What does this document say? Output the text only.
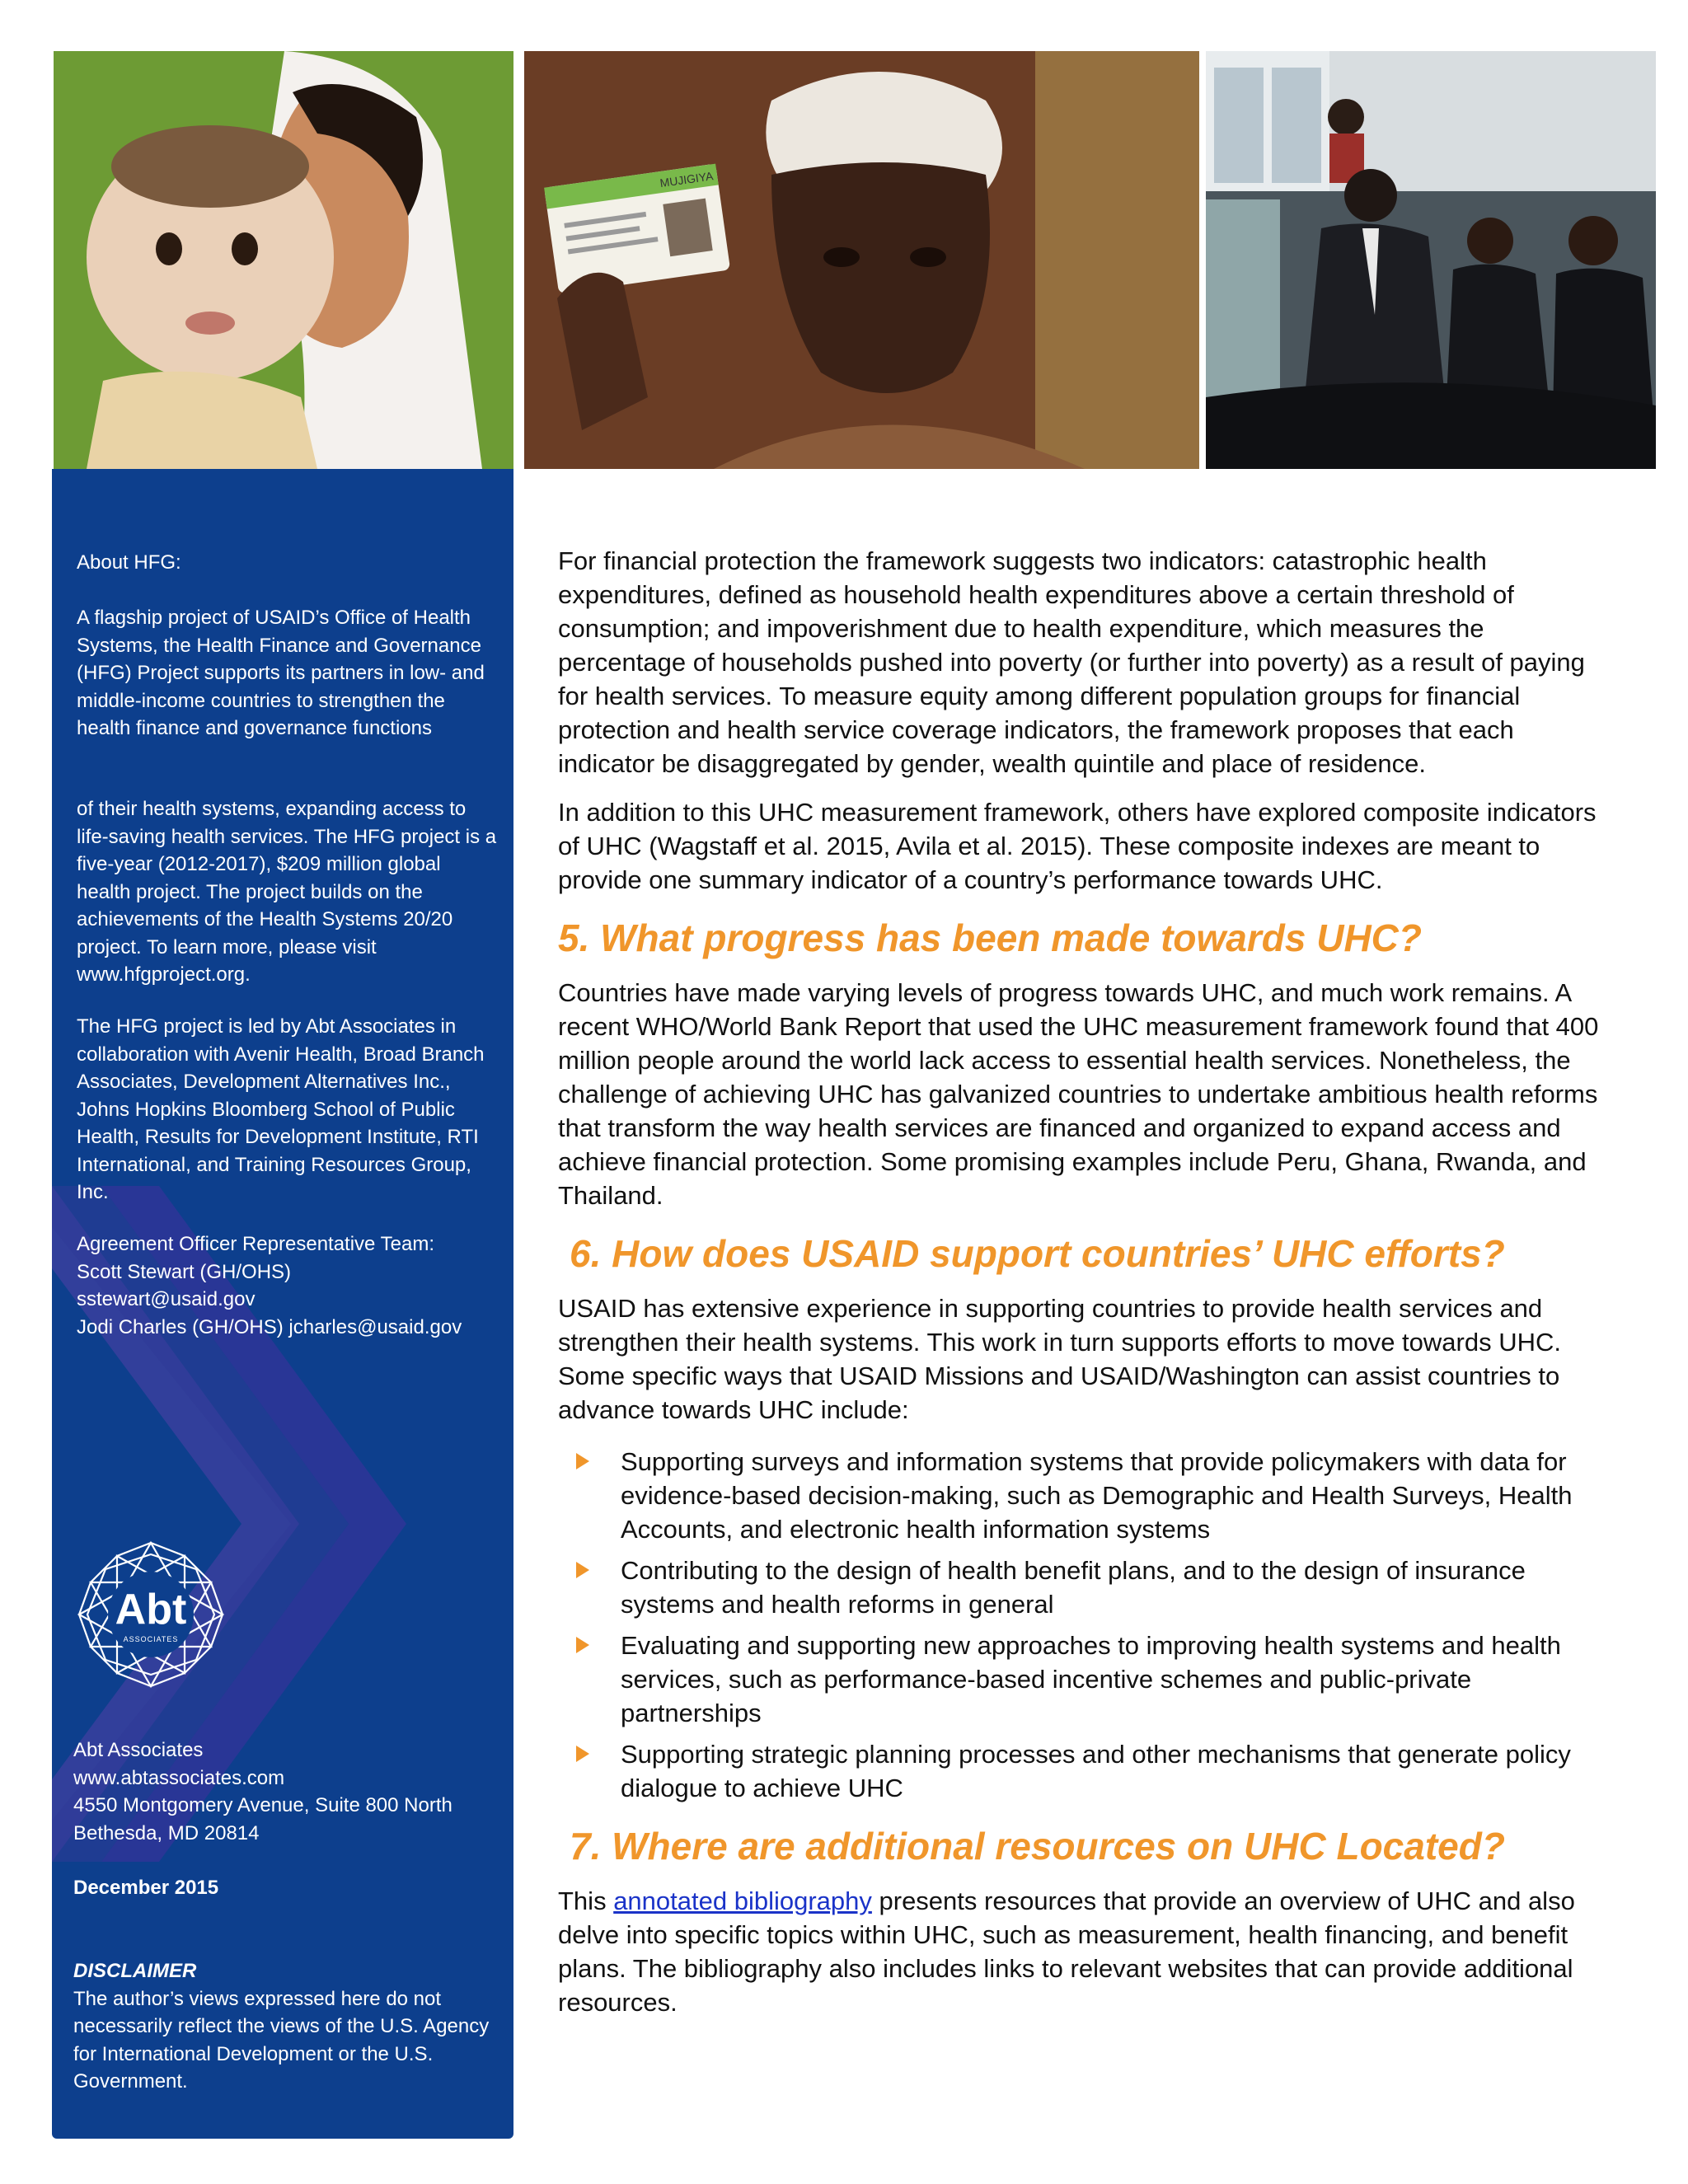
MUJIGIYA

About HFG:

A flagship project of USAID’s Office of Health Systems, the Health Finance and Governance (HFG) Project supports its partners in low- and middle-income countries to strengthen the health finance and governance functions

of their health systems, expanding access to life-saving health services. The HFG project is a five-year (2012-2017), $209 million global health project. The project builds on the achievements of the Health Systems 20/20 project. To learn more, please visit www.hfgproject.org.

The HFG project is led by Abt Associates in collaboration with Avenir Health, Broad Branch Associates, Development Alternatives Inc., Johns Hopkins Bloomberg School of Public Health, Results for Development Institute, RTI International, and Training Resources Group, Inc.

Agreement Officer Representative Team:

Scott Stewart (GH/OHS)

sstewart@usaid.gov

Jodi Charles (GH/OHS) jcharles@usaid.gov

Abt
ASSOCIATES

Abt Associates

www.abtassociates.com

4550 Montgomery Avenue, Suite 800 North

Bethesda, MD 20814

December 2015

DISCLAIMER

The author’s views expressed here do not necessarily reflect the views of the U.S. Agency for International Development or the U.S. Government.

For financial protection the framework suggests two indicators: catastrophic health expenditures, defined as household health expenditures above a certain threshold of consumption; and impoverishment due to health expenditure, which measures the percentage of households pushed into poverty (or further into poverty) as a result of paying for health services. To measure equity among different population groups for financial protection and health service coverage indicators, the framework proposes that each indicator be disaggregated by gender, wealth quintile and place of residence.

In addition to this UHC measurement framework, others have explored composite indicators of UHC (Wagstaff et al. 2015, Avila et al. 2015). These composite indexes are meant to provide one summary indicator of a country’s performance towards UHC.

5. What progress has been made towards UHC?

Countries have made varying levels of progress towards UHC, and much work remains. A recent WHO/World Bank Report that used the UHC measurement framework found that 400 million people around the world lack access to essential health services. Nonetheless, the challenge of achieving UHC has galvanized countries to undertake ambitious health reforms that transform the way health services are financed and organized to expand access and achieve financial protection. Some promising examples include Peru, Ghana, Rwanda, and Thailand.

6. How does USAID support countries’ UHC efforts?

USAID has extensive experience in supporting countries to provide health services and strengthen their health systems. This work in turn supports efforts to move towards UHC. Some specific ways that USAID Missions and USAID/Washington can assist countries to advance towards UHC include:

Supporting surveys and information systems that provide policymakers with data for evidence-based decision-making, such as Demographic and Health Surveys, Health Accounts, and electronic health information systems
Contributing to the design of health benefit plans, and to the design of insurance systems and health reforms in general
Evaluating and supporting new approaches to improving health systems and health services, such as performance-based incentive schemes and public-private partnerships
Supporting strategic planning processes and other mechanisms that generate policy dialogue to achieve UHC
7. Where are additional resources on UHC Located?

This annotated bibliography presents resources that provide an overview of UHC and also delve into specific topics within UHC, such as measurement, health financing, and benefit plans. The bibliography also includes links to relevant websites that can provide additional resources.
